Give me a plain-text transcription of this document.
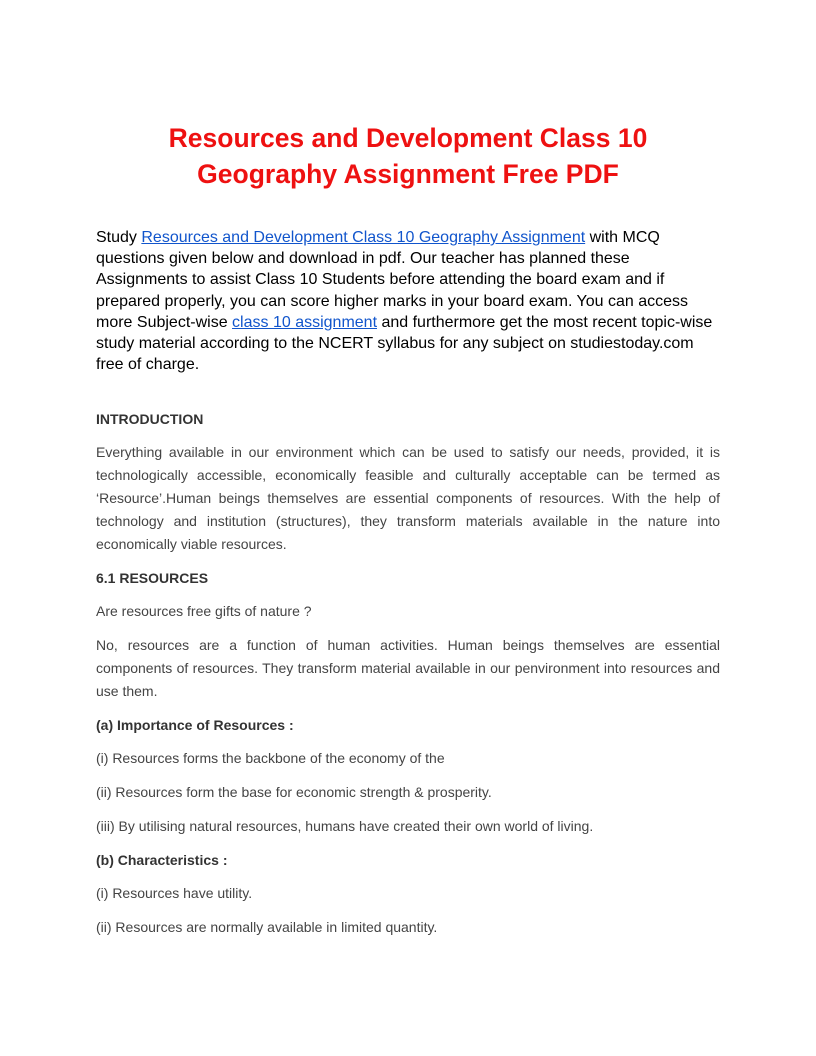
Resources and Development Class 10
Geography Assignment Free PDF

Study Resources and Development Class 10 Geography Assignment with MCQ questions given below and download in pdf. Our teacher has planned these Assignments to assist Class 10 Students before attending the board exam and if prepared properly, you can score higher marks in your board exam. You can access more Subject-wise class 10 assignment and furthermore get the most recent topic-wise study material according to the NCERT syllabus for any subject on studiestoday.com free of charge.

INTRODUCTION

Everything available in our environment which can be used to satisfy our needs, provided, it is technologically accessible, economically feasible and culturally acceptable can be termed as ‘Resource’.Human beings themselves are essential components of resources. With the help of technology and institution (structures), they transform materials available in the nature into economically viable resources.

6.1 RESOURCES

Are resources free gifts of nature ?

No, resources are a function of human activities. Human beings themselves are essential components of resources. They transform material available in our penvironment into resources and use them.

(a) Importance of Resources :

(i) Resources forms the backbone of the economy of the

(ii) Resources form the base for economic strength & prosperity.

(iii) By utilising natural resources, humans have created their own world of living.

(b) Characteristics :

(i) Resources have utility.

(ii) Resources are normally available in limited quantity.
